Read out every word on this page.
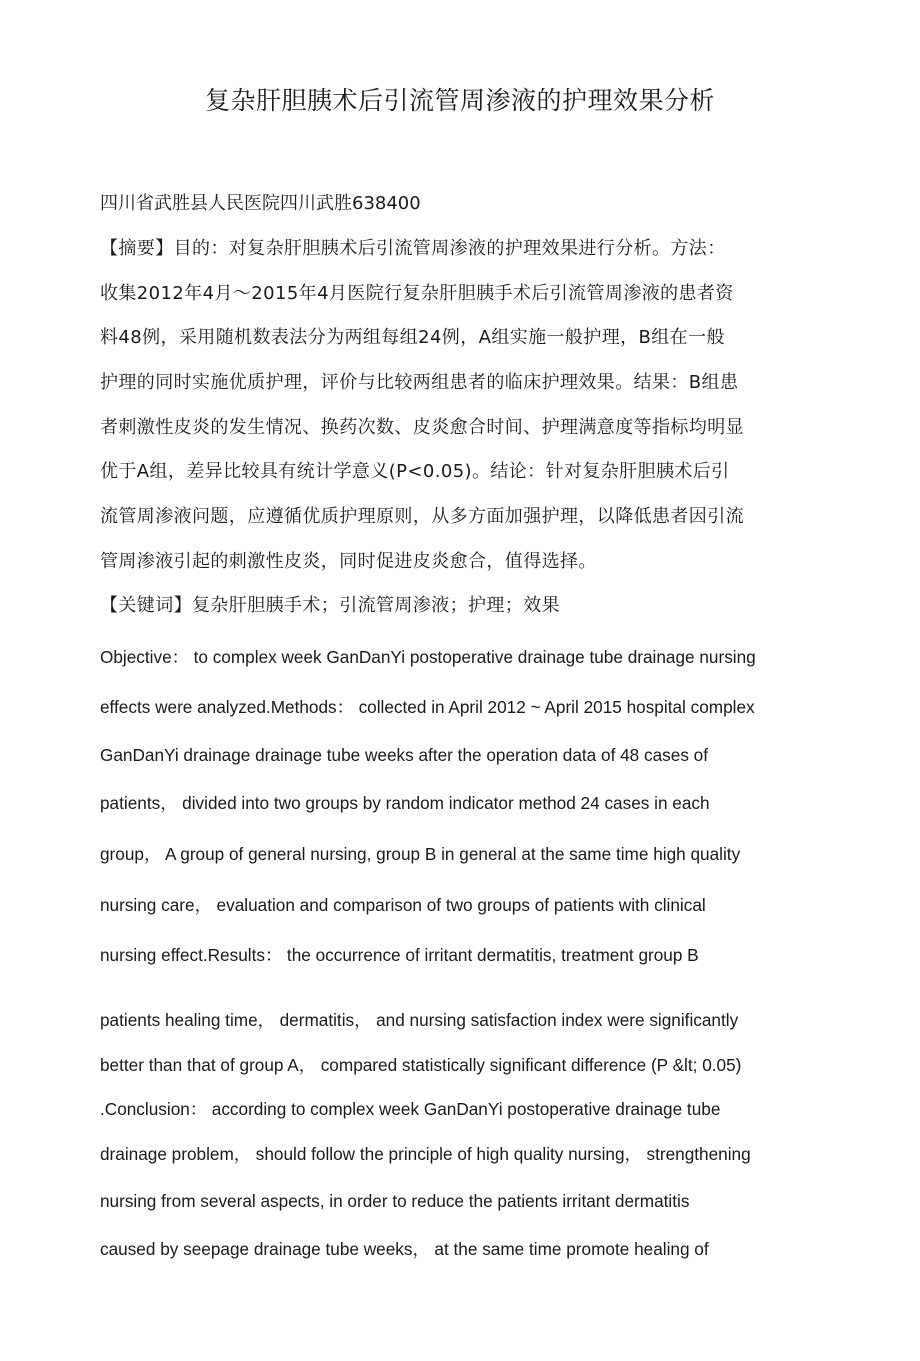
复杂肝胆胰术后引流管周渗液的护理效果分析
四川省武胜县人民医院四川武胜638400
【摘要】目的：对复杂肝胆胰术后引流管周渗液的护理效果进行分析。方法：
收集2012年4月～2015年4月医院行复杂肝胆胰手术后引流管周渗液的患者资
料48例，采用随机数表法分为两组每组24例，A组实施一般护理，B组在一般
护理的同时实施优质护理，评价与比较两组患者的临床护理效果。结果：B组患
者刺激性皮炎的发生情况、换药次数、皮炎愈合时间、护理满意度等指标均明显
优于A组，差异比较具有统计学意义(P<0.05)。结论：针对复杂肝胆胰术后引
流管周渗液问题，应遵循优质护理原则，从多方面加强护理，以降低患者因引流
管周渗液引起的刺激性皮炎，同时促进皮炎愈合，值得选择。
【关键词】复杂肝胆胰手术；引流管周渗液；护理；效果
Objective： to complex week GanDanYi postoperative drainage tube drainage nursing
effects were analyzed.Methods： collected in April 2012 ~ April 2015 hospital complex
GanDanYi drainage drainage tube weeks after the operation data of 48 cases of
patients， divided into two groups by random indicator method 24 cases in each
group， A group of general nursing, group B in general at the same time high quality
nursing care， evaluation and comparison of two groups of patients with clinical
nursing effect.Results： the occurrence of irritant dermatitis, treatment group B
patients healing time， dermatitis， and nursing satisfaction index were significantly
better than that of group A， compared statistically significant difference (P &lt; 0.05)
.Conclusion： according to complex week GanDanYi postoperative drainage tube
drainage problem， should follow the principle of high quality nursing， strengthening
nursing from several aspects, in order to reduce the patients irritant dermatitis
caused by seepage drainage tube weeks， at the same time promote healing of
